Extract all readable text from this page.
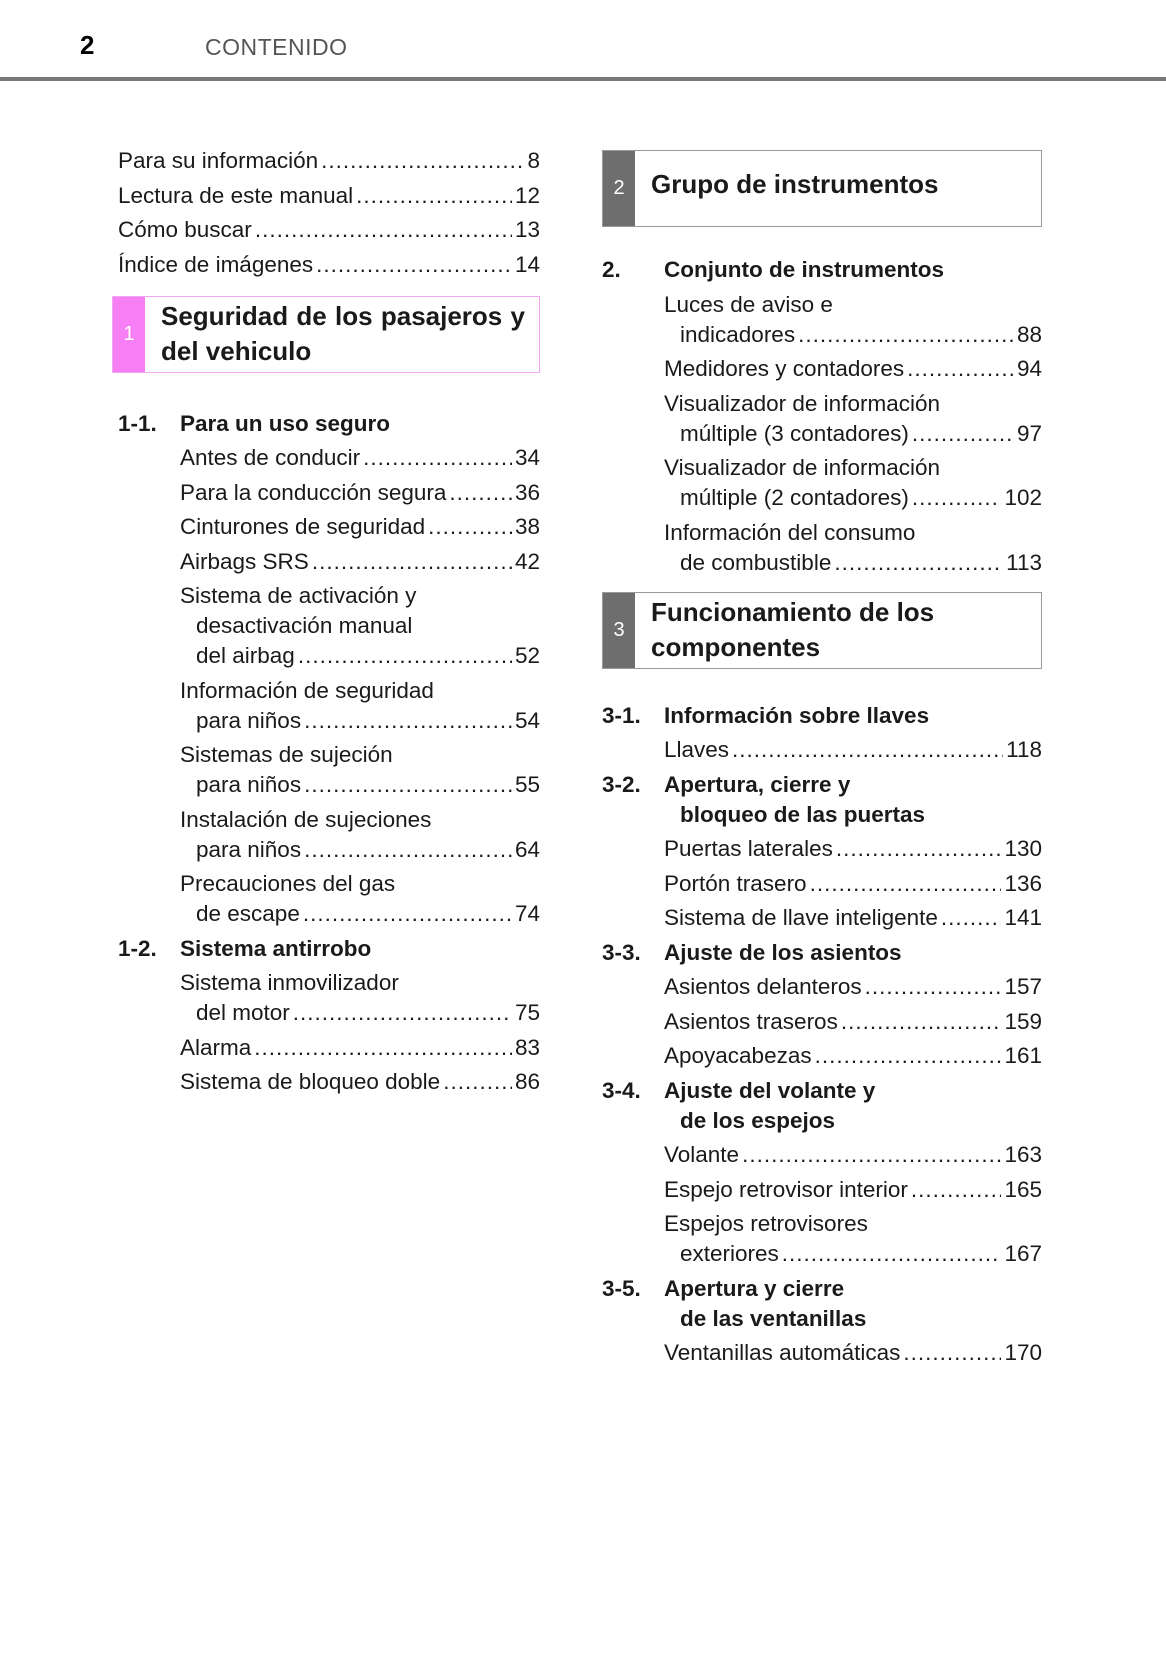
2	CONTENIDO
Para su información .....	8
Lectura de este manual .....	12
Cómo buscar .....	13
Índice de imágenes .....	14
1
Seguridad de los pasajeros y del vehiculo
1-1.	Para un uso seguro
Antes de conducir .....	34
Para la conducción segura .....	36
Cinturones de seguridad .....	38
Airbags SRS .....	42
Sistema de activación y
desactivación manual
del airbag .....	52
Información de seguridad
para niños .....	54
Sistemas de sujeción
para niños .....	55
Instalación de sujeciones
para niños .....	64
Precauciones del gas
de escape .....	74
1-2.	Sistema antirrobo
Sistema inmovilizador
del motor .....	75
Alarma .....	83
Sistema de bloqueo doble .....	86
2	Grupo de instrumentos
2.	Conjunto de instrumentos
Luces de aviso e
indicadores .....	88
Medidores y contadores .....	94
Visualizador de información
múltiple (3 contadores) .....	97
Visualizador de información
múltiple (2 contadores) .....	102
Información del consumo
de combustible .....	113
3
Funcionamiento de los
componentes
3-1.	Información sobre llaves
Llaves .....	118
3-2.	Apertura, cierre y
bloqueo de las puertas
Puertas laterales .....	130
Portón trasero .....	136
Sistema de llave inteligente .....	141
3-3.	Ajuste de los asientos
Asientos delanteros .....	157
Asientos traseros .....	159
Apoyacabezas .....	161
3-4.	Ajuste del volante y
de los espejos
Volante .....	163
Espejo retrovisor interior .....	165
Espejos retrovisores
exteriores .....	167
3-5.	Apertura y cierre
de las ventanillas
Ventanillas automáticas .....	170
